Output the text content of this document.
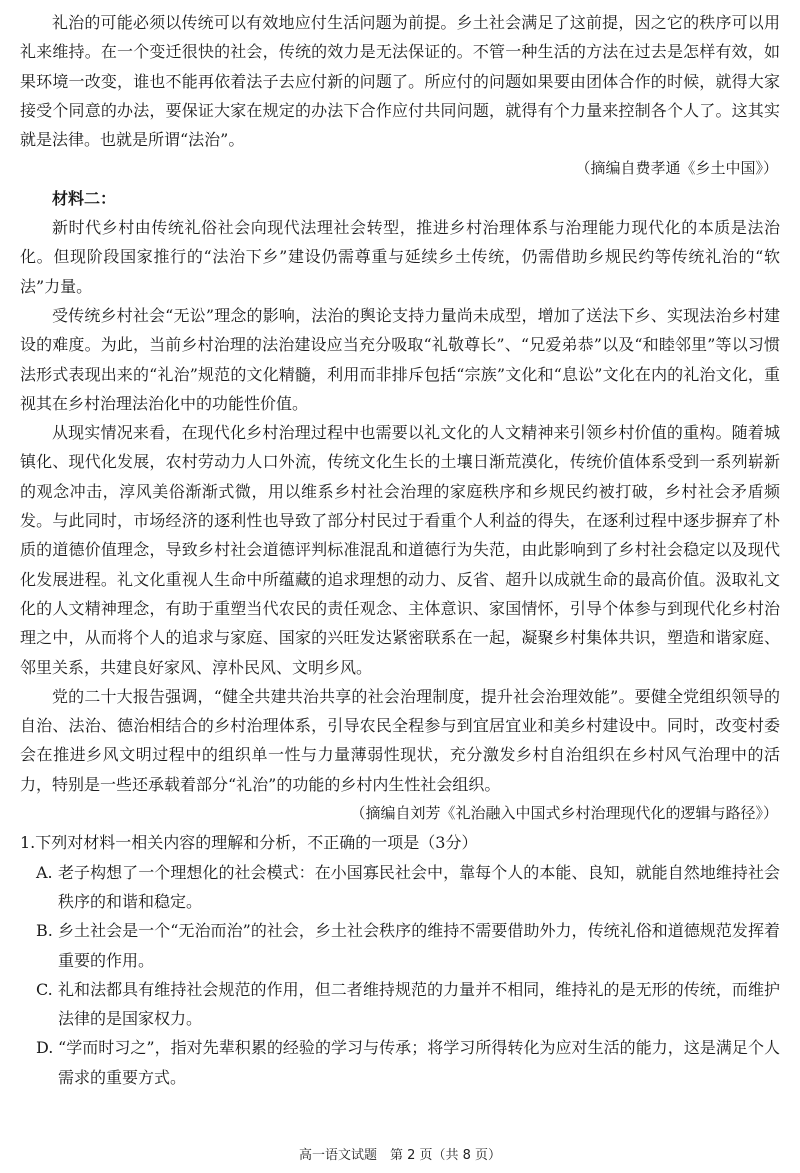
礼治的可能必须以传统可以有效地应付生活问题为前提。乡土社会满足了这前提，因之它的秩序可以用礼来维持。在一个变迁很快的社会，传统的效力是无法保证的。不管一种生活的方法在过去是怎样有效，如果环境一改变，谁也不能再依着法子去应付新的问题了。所应付的问题如果要由团体合作的时候，就得大家接受个同意的办法，要保证大家在规定的办法下合作应付共同问题，就得有个力量来控制各个人了。这其实就是法律。也就是所谓“法治”。

（摘编自费孝通《乡土中国》）
材料二：

新时代乡村由传统礼俗社会向现代法理社会转型，推进乡村治理体系与治理能力现代化的本质是法治化。但现阶段国家推行的“法治下乡”建设仍需尊重与延续乡土传统，仍需借助乡规民约等传统礼治的“软法”力量。

受传统乡村社会“无讼”理念的影响，法治的舆论支持力量尚未成型，增加了送法下乡、实现法治乡村建设的难度。为此，当前乡村治理的法治建设应当充分吸取“礼敬尊长”、“兄爱弟恭”以及“和睦邻里”等以习惯法形式表现出来的“礼治”规范的文化精髓，利用而非排斥包括“宗族”文化和“息讼”文化在内的礼治文化，重视其在乡村治理法治化中的功能性价值。

从现实情况来看，在现代化乡村治理过程中也需要以礼文化的人文精神来引领乡村价值的重构。随着城镇化、现代化发展，农村劳动力人口外流，传统文化生长的土壤日渐荒漠化，传统价值体系受到一系列崭新的观念冲击，淳风美俗渐渐式微，用以维系乡村社会治理的家庭秩序和乡规民约被打破，乡村社会矛盾频发。与此同时，市场经济的逐利性也导致了部分村民过于看重个人利益的得失，在逐利过程中逐步摒弃了朴质的道德价值理念，导致乡村社会道德评判标准混乱和道德行为失范，由此影响到了乡村社会稳定以及现代化发展进程。礼文化重视人生命中所蕴藏的追求理想的动力、反省、超升以成就生命的最高价值。汲取礼文化的人文精神理念，有助于重塑当代农民的责任观念、主体意识、家国情怀，引导个体参与到现代化乡村治理之中，从而将个人的追求与家庭、国家的兴旺发达紧密联系在一起，凝聚乡村集体共识，塑造和谐家庭、邻里关系，共建良好家风、淳朴民风、文明乡风。

党的二十大报告强调，“健全共建共治共享的社会治理制度，提升社会治理效能”。要健全党组织领导的自治、法治、德治相结合的乡村治理体系，引导农民全程参与到宜居宜业和美乡村建设中。同时，改变村委会在推进乡风文明过程中的组织单一性与力量薄弱性现状，充分激发乡村自治组织在乡村风气治理中的活力，特别是一些还承载着部分“礼治”的功能的乡村内生性社会组织。

（摘编自刘芳《礼治融入中国式乡村治理现代化的逻辑与路径》）
1.下列对材料一相关内容的理解和分析，不正确的一项是（3分）
A. 老子构想了一个理想化的社会模式：在小国寡民社会中，靠每个人的本能、良知，就能自然地维持社会秩序的和谐和稳定。
B. 乡土社会是一个“无治而治”的社会，乡土社会秩序的维持不需要借助外力，传统礼俗和道德规范发挥着重要的作用。
C. 礼和法都具有维持社会规范的作用，但二者维持规范的力量并不相同，维持礼的是无形的传统，而维护法律的是国家权力。
D. “学而时习之”，指对先辈积累的经验的学习与传承；将学习所得转化为应对生活的能力，这是满足个人需求的重要方式。
高一语文试题　第 2 页（共 8 页）
